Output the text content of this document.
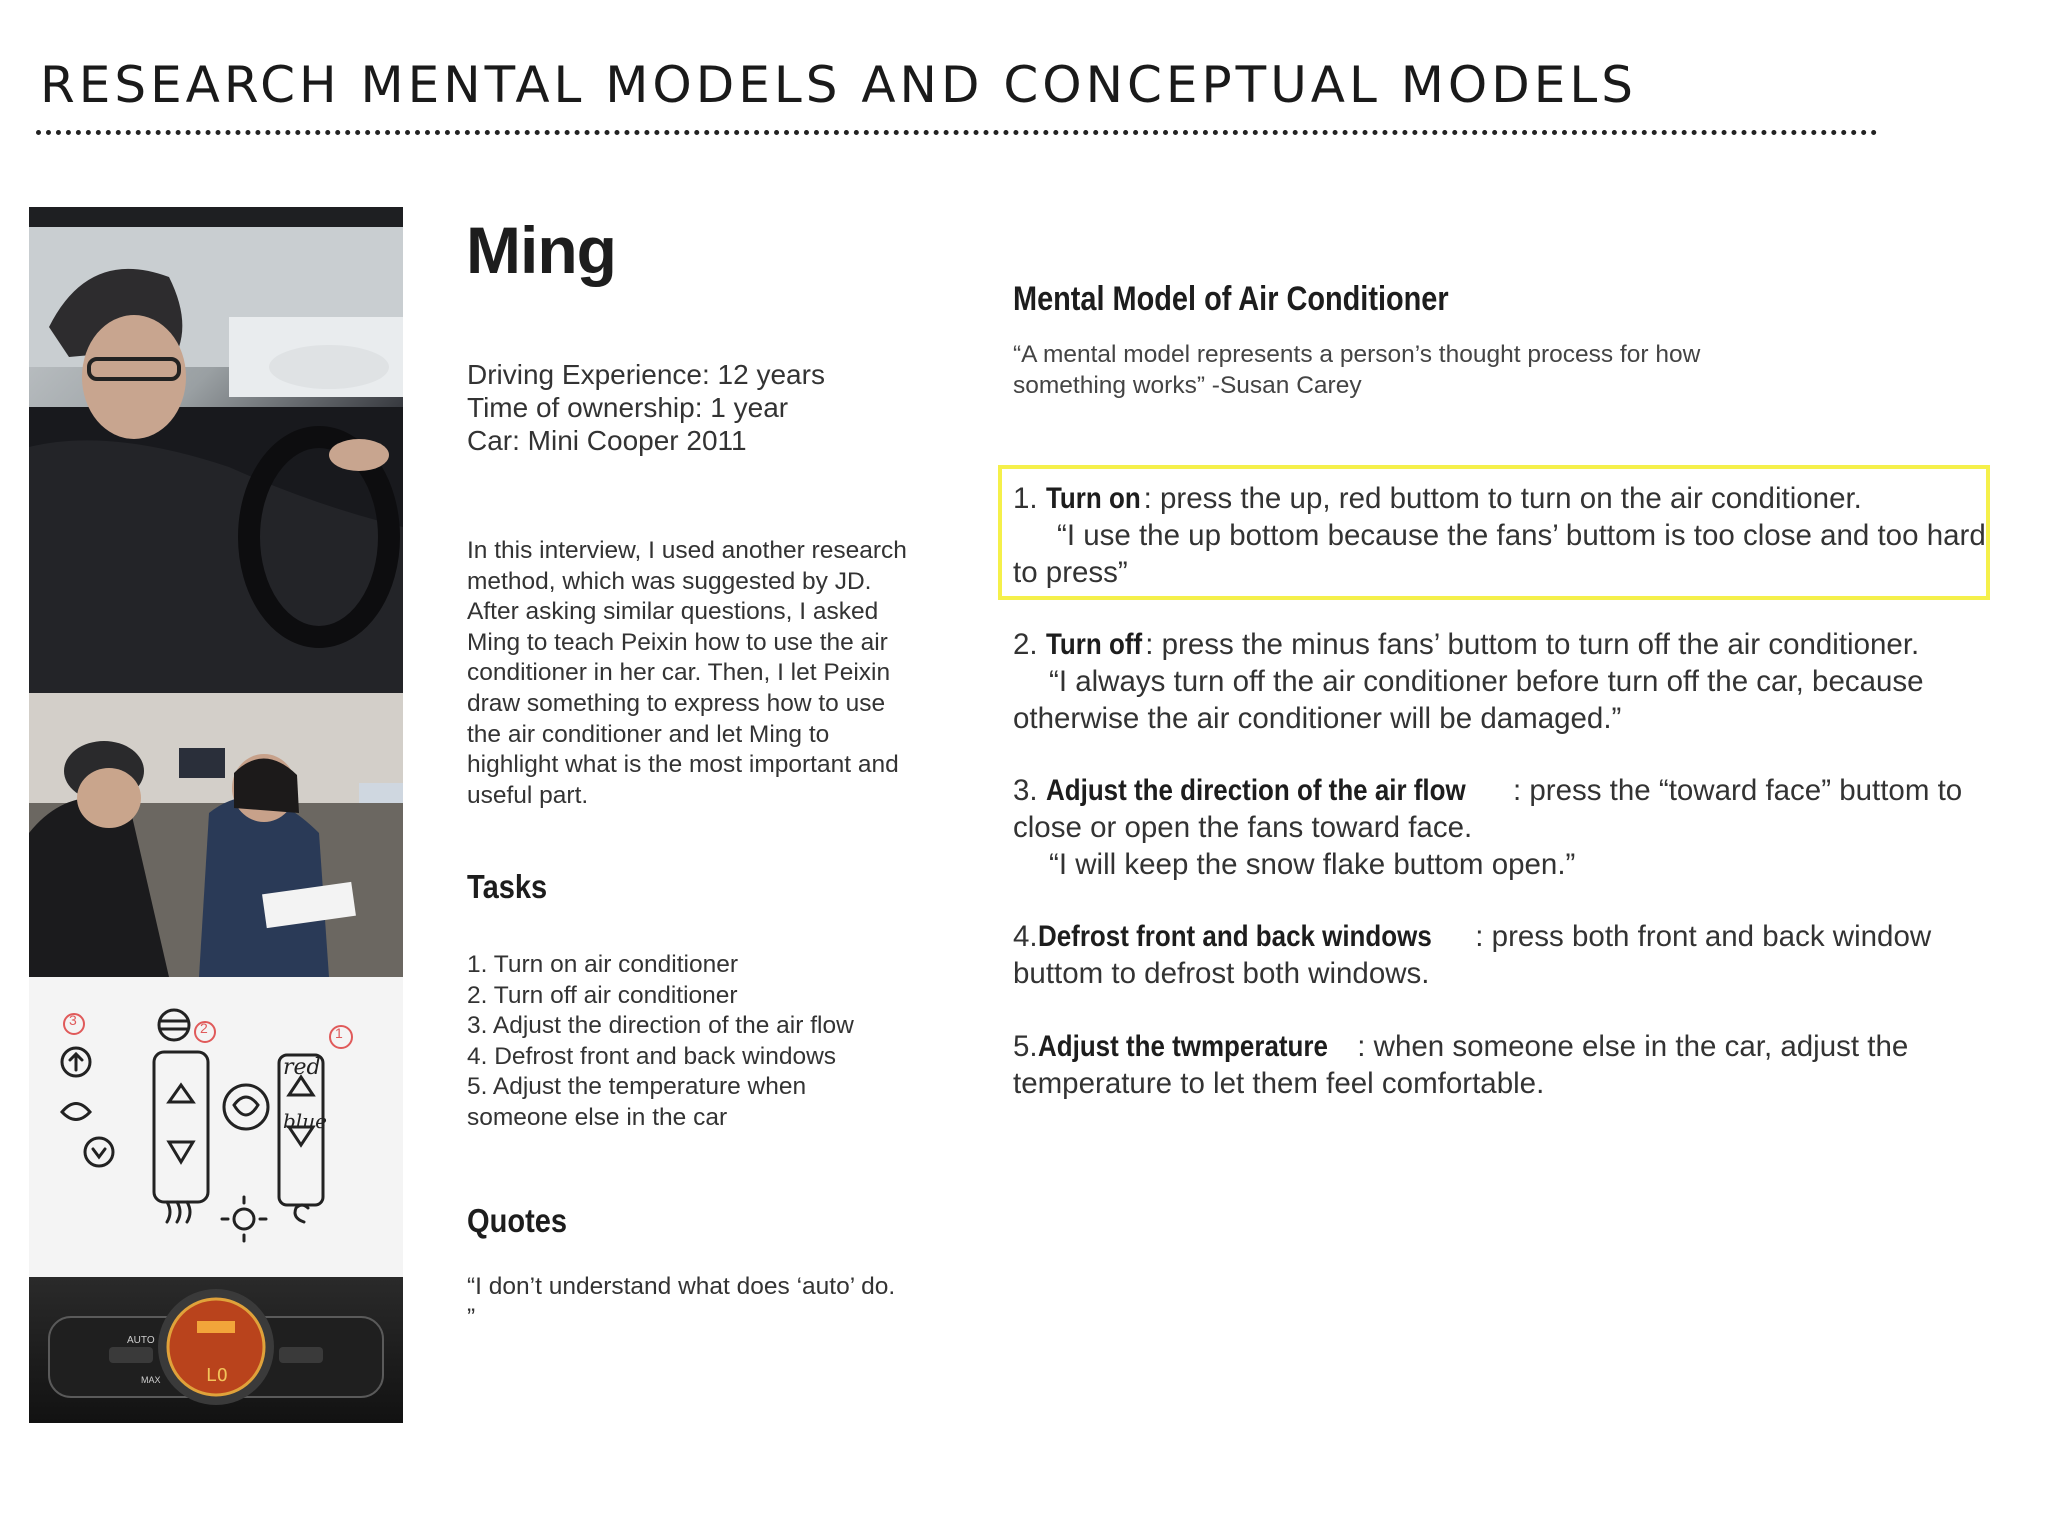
RESEARCH MENTAL MODELS AND CONCEPTUAL MODELS
red
blue
1
2
3
AUTO
MAX	LO
Ming
Driving Experience: 12 years
Time of ownership: 1 year
Car: Mini Cooper 2011

In this interview, I used another research method, which was suggested by JD. After asking similar questions, I asked Ming to teach Peixin how to use the air conditioner in her car. Then, I let Peixin draw something to express how to use the air conditioner and let Ming to highlight what is the most important and useful part.

Tasks
1. Turn on air conditioner
2. Turn off air conditioner
3. Adjust the direction of the air flow
4. Defrost front and back windows
5. Adjust the temperature when someone else in the car
Quotes

“I don’t understand what does ‘auto’ do. ”

Mental Model of Air Conditioner

“A mental model represents a person’s thought process for how something works” -Susan Carey

1. Turn on : press the up, red buttom to turn on the air conditioner.
“I use the up bottom because the fans’ buttom is too close and too hard to press”

2. Turn off : press the minus fans’ buttom to turn off the air conditioner.
“I always turn off the air conditioner before turn off the car, because otherwise the air conditioner will be damaged.”

3. Adjust the direction of the air flow : press the “toward face” buttom to close or open the fans toward face.
“I will keep the snow flake buttom open.”

4.Defrost front and back windows : press both front and back window buttom to defrost both windows.

5.Adjust the twmperature : when someone else in the car, adjust the temperature to let them feel comfortable.
